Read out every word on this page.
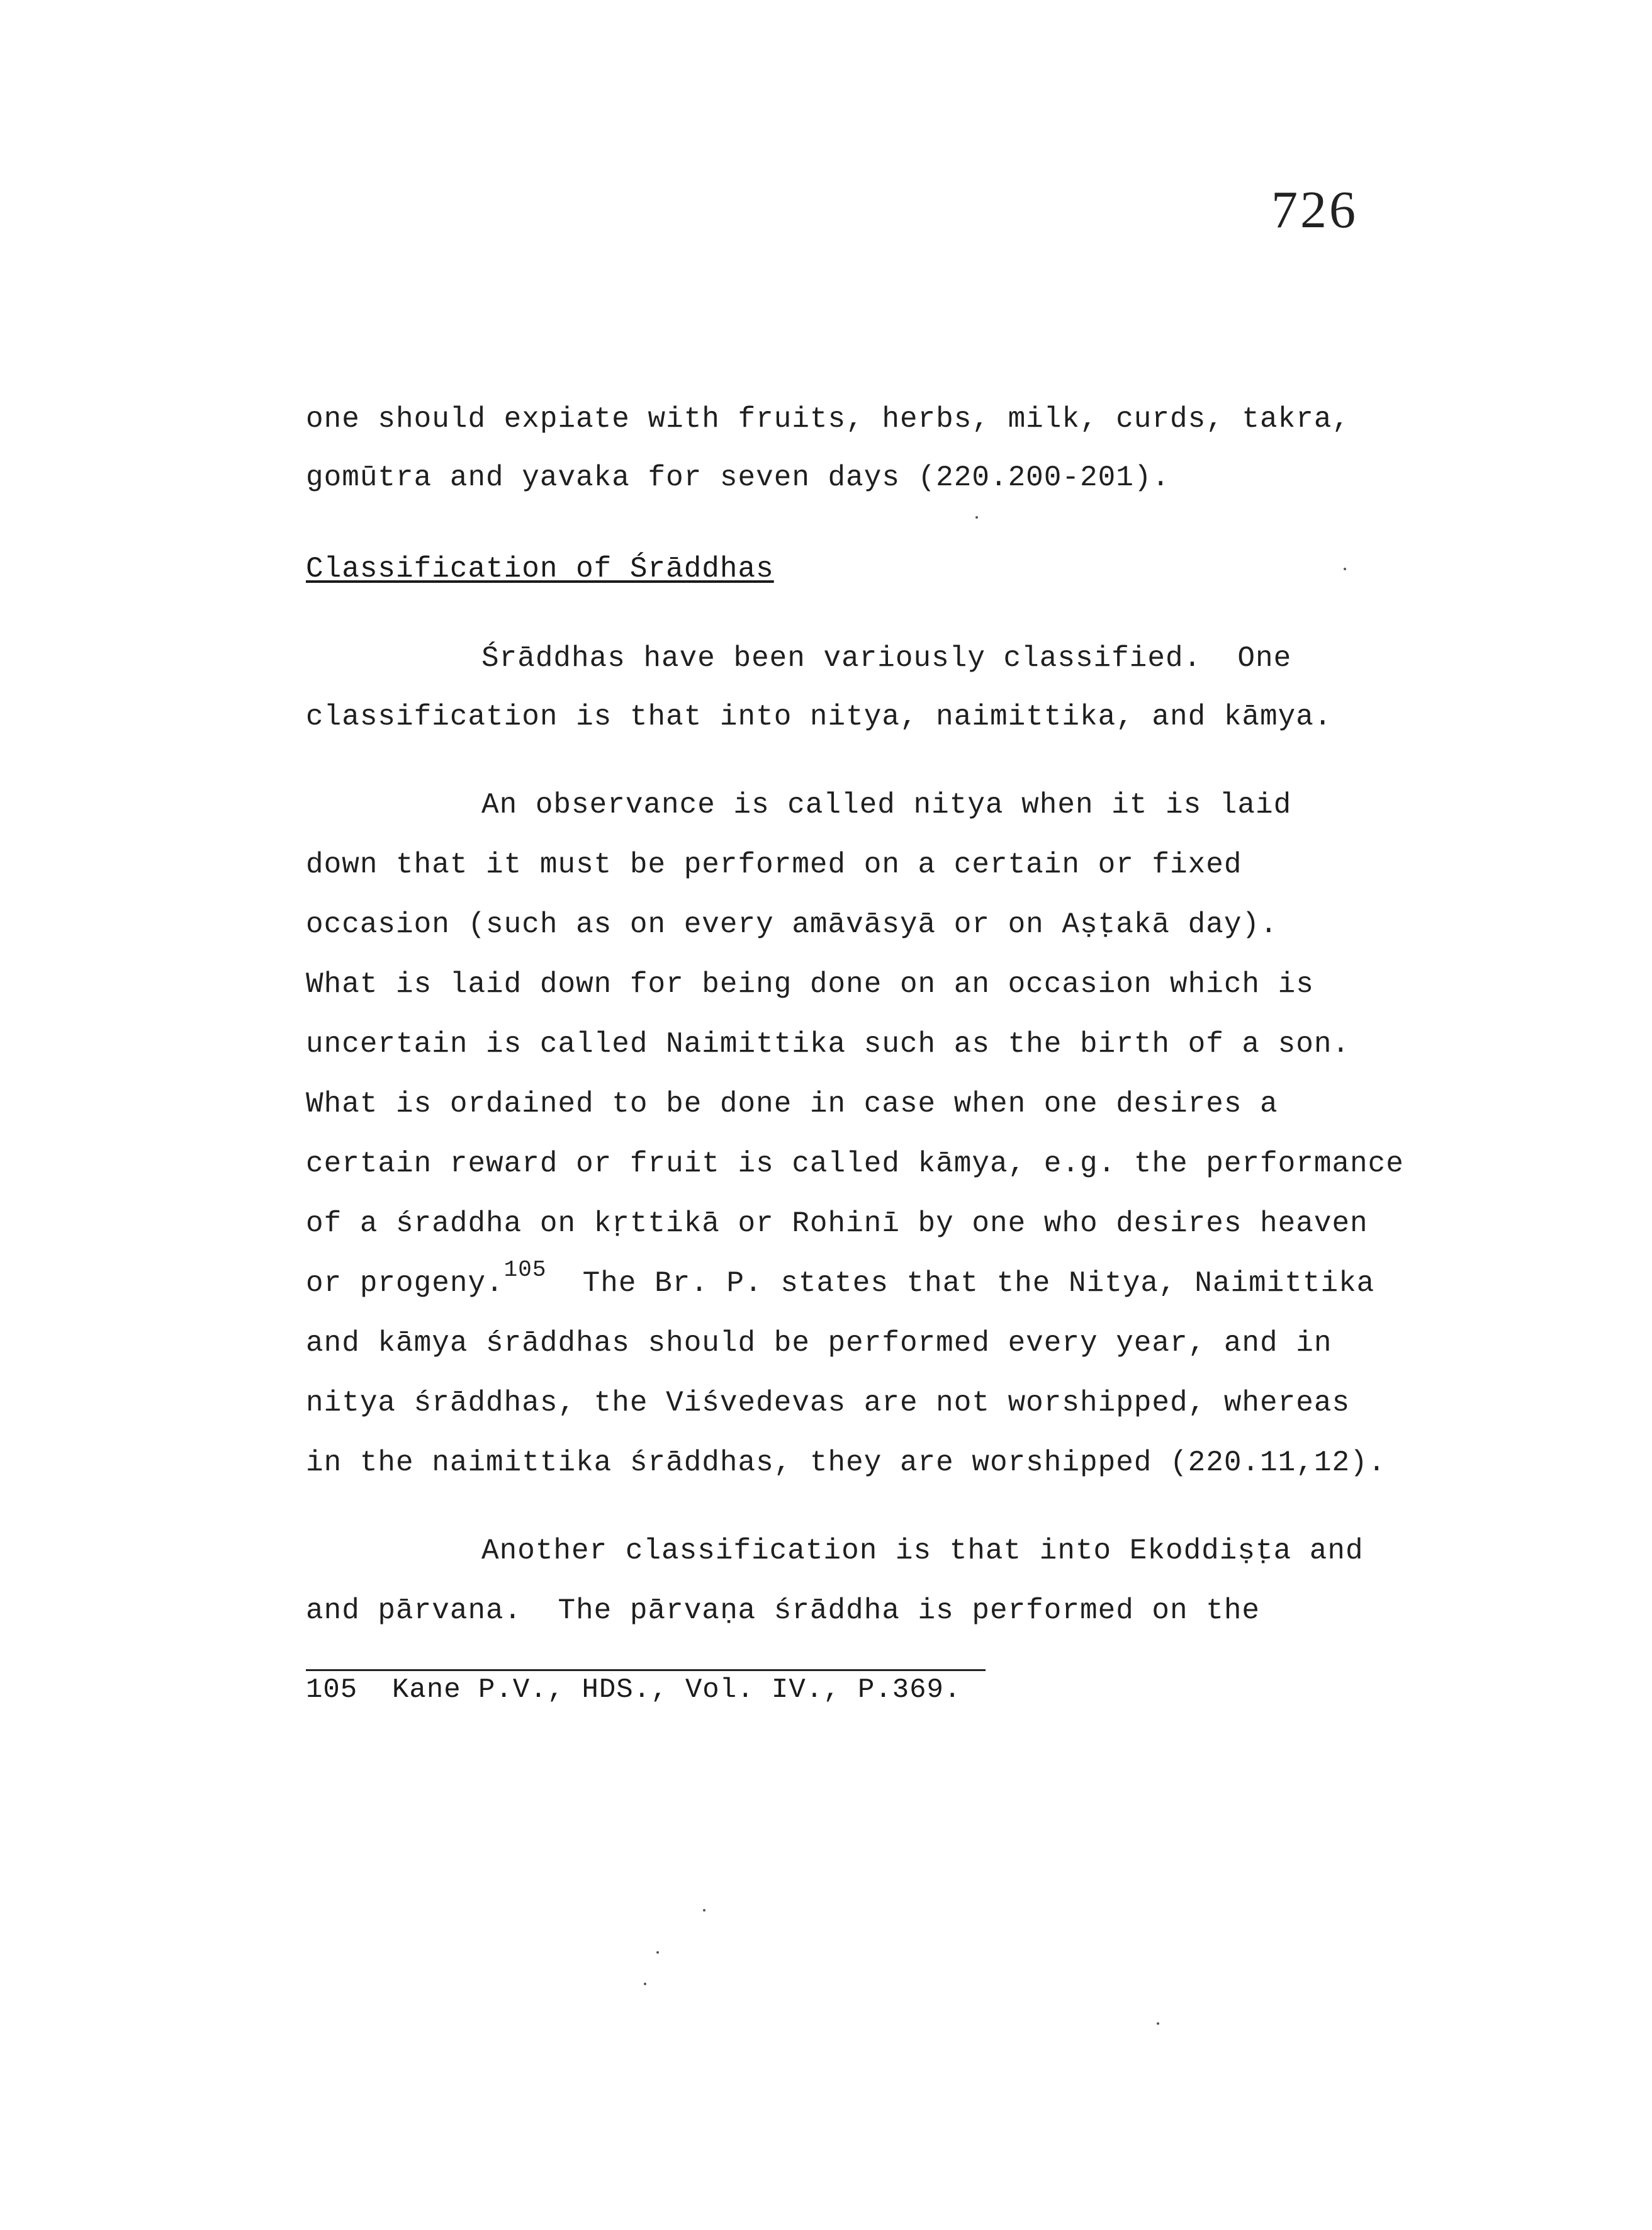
726
one should expiate with fruits, herbs, milk, curds, takra,
gomūtra and yavaka for seven days (220.200-201).
Classification of Śrāddhas
Śrāddhas have been variously classified.  One
classification is that into nitya, naimittika, and kāmya.
An observance is called nitya when it is laid
down that it must be performed on a certain or fixed
occasion (such as on every amāvāsyā or on Aṣṭakā day).
What is laid down for being done on an occasion which is
uncertain is called Naimittika such as the birth of a son.
What is ordained to be done in case when one desires a
certain reward or fruit is called kāmya, e.g. the performance
of a śraddha on kṛttikā or Rohinī by one who desires heaven
or progeny.$^{105}$  The Br. P. states that the Nitya, Naimittika
and kāmya śrāddhas should be performed every year, and in
nitya śrāddhas, the Viśvedevas are not worshipped, whereas
in the naimittika śrāddhas, they are worshipped (220.11,12).
Another classification is that into Ekoddiṣṭa and
and pārvana.  The pārvaṇa śrāddha is performed on the
105  Kane P.V., HDS., Vol. IV., P.369.
